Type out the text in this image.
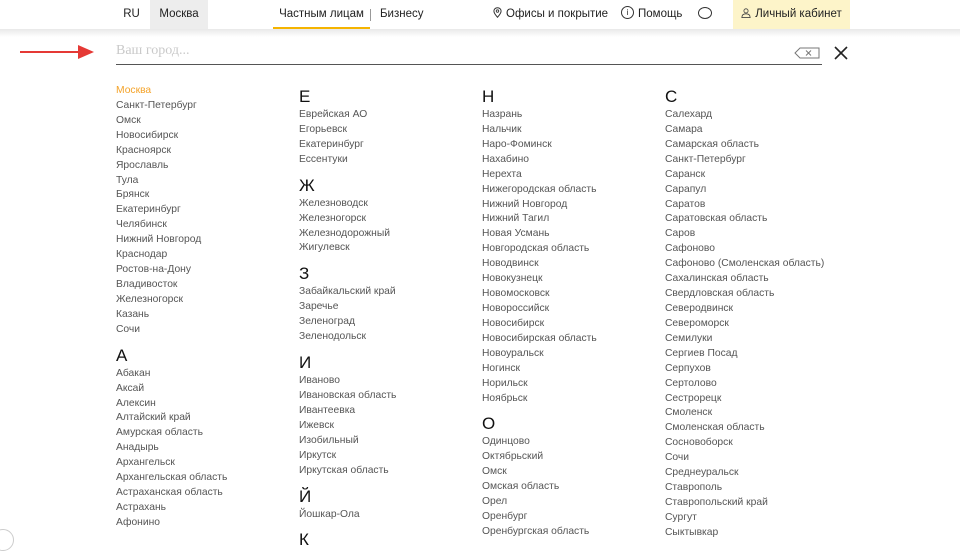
RU	Москва	Частным лицам	Бизнесу	Офисы и покрытие	i Помощь	Личный кабинет
Ваш город...
Москва
Санкт-Петербург
Омск
Новосибирск
Красноярск
Ярославль
Тула
Брянск
Екатеринбург
Челябинск
Нижний Новгород
Краснодар
Ростов-на-Дону
Владивосток
Железногорск
Казань
Сочи
А
Абакан
Аксай
Алексин
Алтайский край
Амурская область
Анадырь
Архангельск
Архангельская область
Астраханская область
Астрахань
Афонино
Е
Еврейская АО
Егорьевск
Екатеринбург
Ессентуки
Ж
Железноводск
Железногорск
Железнодорожный
Жигулевск
З
Забайкальский край
Заречье
Зеленоград
Зеленодольск
И
Иваново
Ивановская область
Ивантеевка
Ижевск
Изобильный
Иркутск
Иркутская область
Й
Йошкар-Ола
К
Н
Назрань
Нальчик
Наро-Фоминск
Нахабино
Нерехта
Нижегородская область
Нижний Новгород
Нижний Тагил
Новая Усмань
Новгородская область
Новодвинск
Новокузнецк
Новомосковск
Новороссийск
Новосибирск
Новосибирская область
Новоуральск
Ногинск
Норильск
Ноябрьск
О
Одинцово
Октябрьский
Омск
Омская область
Орел
Оренбург
Оренбургская область
С
Салехард
Самара
Самарская область
Санкт-Петербург
Саранск
Сарапул
Саратов
Саратовская область
Саров
Сафоново
Сафоново (Смоленская область)
Сахалинская область
Свердловская область
Северодвинск
Североморск
Семилуки
Сергиев Посад
Серпухов
Сертолово
Сестрорецк
Смоленск
Смоленская область
Сосновоборск
Сочи
Среднеуральск
Ставрополь
Ставропольский край
Сургут
Сыктывкар
